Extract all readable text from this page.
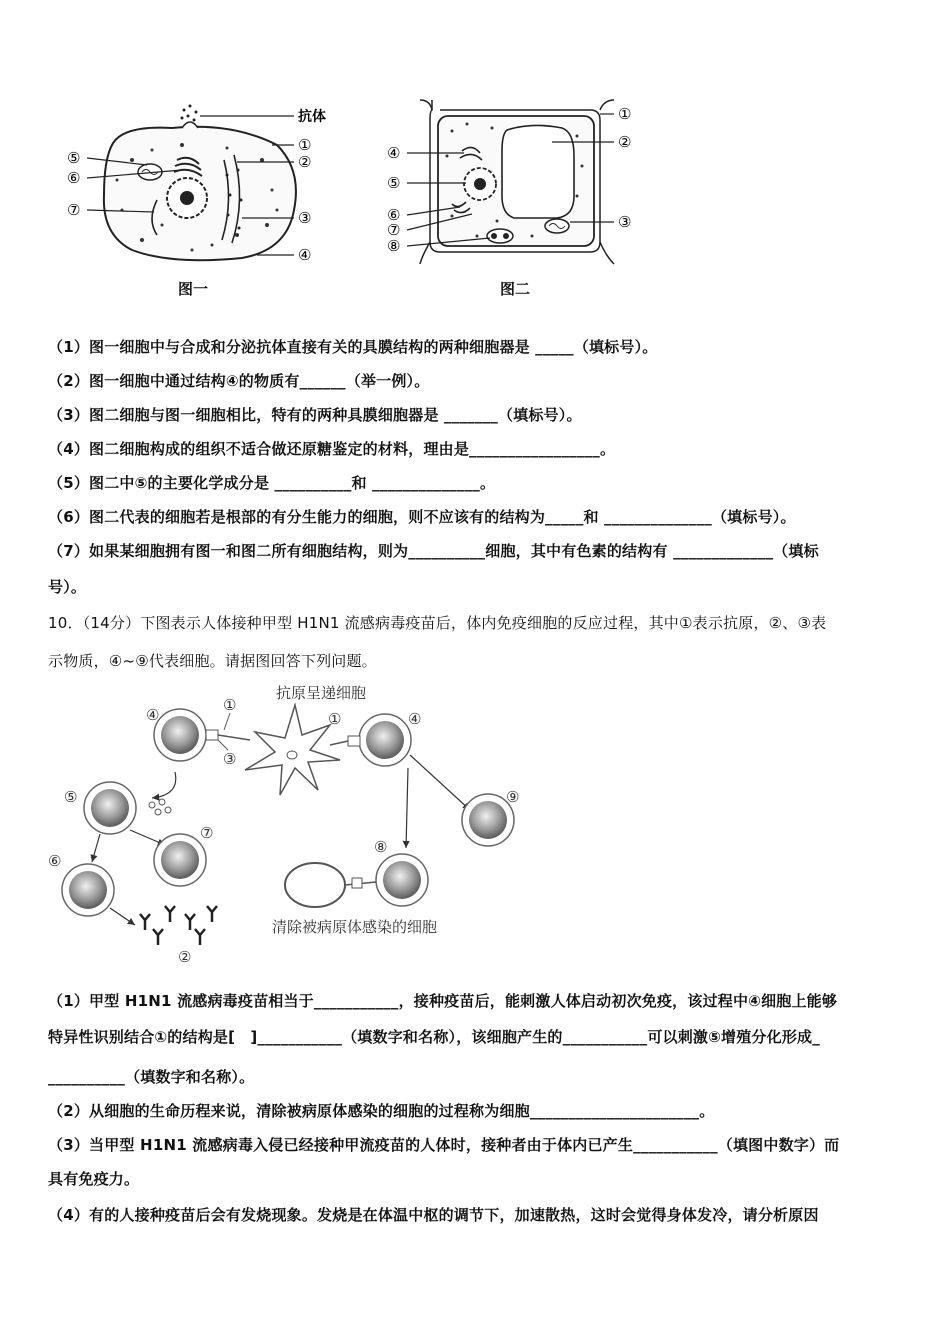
抗体
①
②
③
④
⑤
⑥
⑦
图一
①
②
③
④
⑤
⑥
⑦
⑧
图二
（1）图一细胞中与合成和分泌抗体直接有关的具膜结构的两种细胞器是 _____（填标号）。
（2）图一细胞中通过结构④的物质有______（举一例）。
（3）图二细胞与图一细胞相比，特有的两种具膜细胞器是 _______（填标号）。
（4）图二细胞构成的组织不适合做还原糖鉴定的材料，理由是_________________。
（5）图二中⑤的主要化学成分是 __________和 ______________。
（6）图二代表的细胞若是根部的有分生能力的细胞，则不应该有的结构为_____和 ______________（填标号）。
（7）如果某细胞拥有图一和图二所有细胞结构，则为__________细胞，其中有色素的结构有 _____________（填标
号）。
10．（14分）下图表示人体接种甲型 H1N1 流感病毒疫苗后，体内免疫细胞的反应过程，其中①表示抗原，②、③表
示物质，④~⑨代表细胞。请据图回答下列问题。
抗原呈递细胞
④
①
③
①	④
⑨
⑧
清除被病原体感染的细胞
⑤
⑦
⑥
②
（1）甲型 H1N1 流感病毒疫苗相当于___________，接种疫苗后，能刺激人体启动初次免疫，该过程中④细胞上能够
特异性识别结合①的结构是[　]___________（填数字和名称），该细胞产生的___________可以刺激⑤增殖分化形成_
__________（填数字和名称）。
（2）从细胞的生命历程来说，清除被病原体感染的细胞的过程称为细胞______________________。
（3）当甲型 H1N1 流感病毒入侵已经接种甲流疫苗的人体时，接种者由于体内已产生___________（填图中数字）而
具有免疫力。
（4）有的人接种疫苗后会有发烧现象。发烧是在体温中枢的调节下，加速散热，这时会觉得身体发冷，请分析原因
